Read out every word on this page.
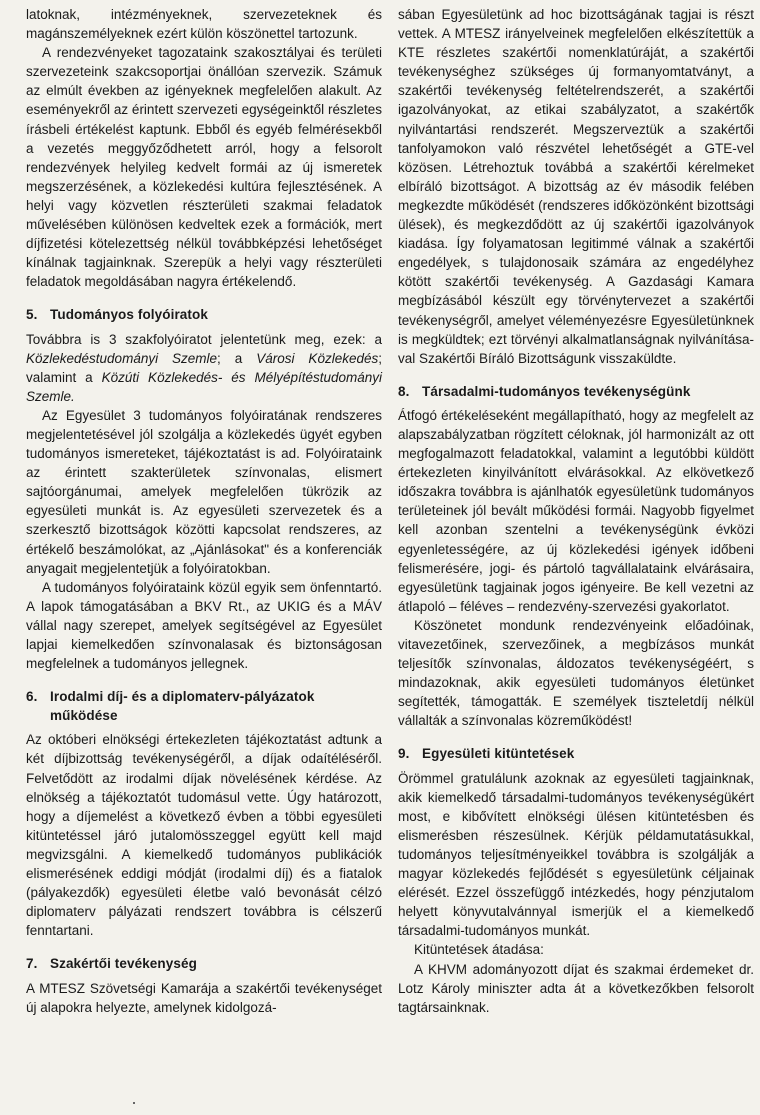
latoknak, intézményeknek, szervezeteknek és magánszemélyeknek ezért külön köszönettel tartozunk.

A rendezvényeket tagozataink szakosztályai és területi szervezeteink szakcsoportjai önállóan szervezik. Számuk az elmúlt években az igényeknek megfelelően alakult. Az eseményekről az érintett szervezeti egységeinktől részletes írásbeli értékelést kaptunk. Ebből és egyéb felmérésekből a vezetés meggyőződhetett arról, hogy a felsorolt rendezvények helyileg kedvelt formái az új ismeretek megszerzésének, a közlekedési kultúra fejlesztésének. A helyi vagy közvetlen részterületi szakmai feladatok művelésében különösen kedveltek ezek a formációk, mert díjfizetési kötelezettség nélkül továbbképzési lehetőséget kínálnak tagjainknak. Szerepük a helyi vagy részterületi feladatok megoldásában nagyra értékelendő.

5. Tudományos folyóiratok

Továbbra is 3 szakfolyóiratot jelentetünk meg, ezek: a Közlekedéstudományi Szemle; a Városi Közlekedés; valamint a Közúti Közlekedés- és Mélyépítéstudományi Szemle.

Az Egyesület 3 tudományos folyóiratának rendszeres megjelentetésével jól szolgálja a közlekedés ügyét egyben tudományos ismereteket, tájékoztatást is ad. Folyóirataink az érintett szakterületek színvonalas, elismert sajtóorgánumai, amelyek megfelelően tükrözik az egyesületi munkát is. Az egyesületi szervezetek és a szerkesztő bizottságok közötti kapcsolat rendszeres, az értékelő beszámolókat, az „Ajánlásokat" és a konferenciák anyagait megjelentetjük a folyóiratokban.

A tudományos folyóirataink közül egyik sem önfenntartó. A lapok támogatásában a BKV Rt., az UKIG és a MÁV vállal nagy szerepet, amelyek segítségével az Egyesület lapjai kiemelkedően színvonalasak és biztonságosan megfelelnek a tudományos jellegnek.

6. Irodalmi díj- és a diplomaterv-pályázatok
működése

Az októberi elnökségi értekezleten tájékoztatást adtunk a két díjbizottság tevékenységéről, a díjak odaítéléséről. Felvetődött az irodalmi díjak növelésének kérdése. Az elnökség a tájékoztatót tudomásul vette. Úgy határozott, hogy a díjemelést a következő évben a többi egyesületi kitüntetéssel járó jutalomösszeggel együtt kell majd megvizsgálni. A kiemelkedő tudományos publikációk elismerésének eddigi módját (irodalmi díj) és a fiatalok (pályakezdők) egyesületi életbe való bevonását célzó diplomaterv pályázati rendszert továbbra is célszerű fenntartani.

7. Szakértői tevékenység

A MTESZ Szövetségi Kamarája a szakértői tevékenységet új alapokra helyezte, amelynek kidolgozá-

sában Egyesületünk ad hoc bizottságának tagjai is részt vettek. A MTESZ irányelveinek megfelelően elkészítettük a KTE részletes szakértői nomenklatúráját, a szakértői tevékenységhez szükséges új formanyomtatványt, a szakértői tevékenység feltételrendszerét, a szakértői igazolványokat, az etikai szabályzatot, a szakértők nyilvántartási rendszerét. Megszerveztük a szakértői tanfolyamokon való részvétel lehetőségét a GTE-vel közösen. Létrehoztuk továbbá a szakértői kérelmeket elbíráló bizottságot. A bizottság az év második felében megkezdte működését (rendszeres időközönként bizottsági ülések), és megkezdődött az új szakértői igazolványok kiadása. Így folyamatosan legitimmé válnak a szakértői engedélyek, s tulajdonosaik számára az engedélyhez kötött szakértői tevékenység. A Gazdasági Kamara megbízásából készült egy törvénytervezet a szakértői tevékenységről, amelyet véleményezésre Egyesületünknek is megküldtek; ezt törvényi alkalmatlanságnak nyilvánításaval Szakértői Bíráló Bizottságunk visszaküldte.

8. Társadalmi-tudományos tevékenységünk

Átfogó értékeléseként megállapítható, hogy az megfelelt az alapszabályzatban rögzített céloknak, jól harmonizált az ott megfogalmazott feladatokkal, valamint a legutóbbi küldött értekezleten kinyilvánított elvárásokkal. Az elkövetkező időszakra továbbra is ajánlhatók egyesületünk tudományos területeinek jól bevált működési formái. Nagyobb figyelmet kell azonban szentelni a tevékenységünk évközi egyenletességére, az új közlekedési igények időbeni felismerésére, jogi- és pártoló tagvállalataink elvárásaira, egyesületünk tagjainak jogos igényeire. Be kell vezetni az átlapoló – féléves – rendezvény-szervezési gyakorlatot.

Köszönetet mondunk rendezvényeink előadóinak, vitavezetőinek, szervezőinek, a megbízásos munkát teljesítők színvonalas, áldozatos tevékenységéért, s mindazoknak, akik egyesületi tudományos életünket segítették, támogatták. E személyek tiszteletdíj nélkül vállalták a színvonalas közreműködést!

9. Egyesületi kitüntetések

Örömmel gratulálunk azoknak az egyesületi tagjainknak, akik kiemelkedő társadalmi-tudományos tevékenységükért most, e kibővített elnökségi ülésen kitüntetésben és elismerésben részesülnek. Kérjük példamutatásukkal, tudományos teljesítményeikkel továbbra is szolgálják a magyar közlekedés fejlődését s egyesületünk céljainak elérését. Ezzel összefüggő intézkedés, hogy pénzjutalom helyett könyvutalvánnyal ismerjük el a kiemelkedő társadalmi-tudományos munkát.

Kitüntetések átadása:

A KHVM adományozott díjat és szakmai érdemeket dr. Lotz Károly miniszter adta át a következőkben felsorolt tagtársainknak.
